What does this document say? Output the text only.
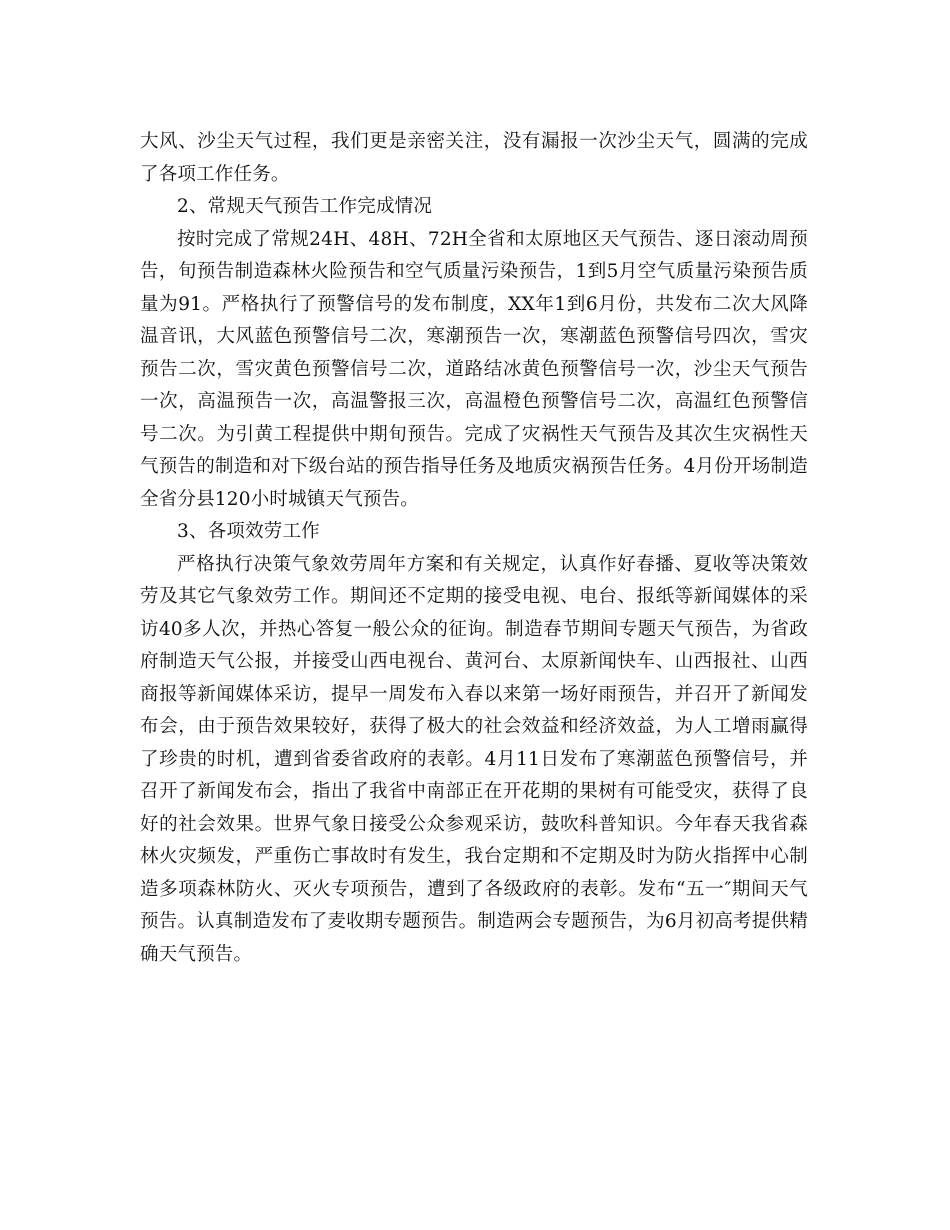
大风、沙尘天气过程，我们更是亲密关注，没有漏报一次沙尘天气，圆满的完成了各项工作任务。

2、常规天气预告工作完成情况

按时完成了常规24H、48H、72H全省和太原地区天气预告、逐日滚动周预告，旬预告制造森林火险预告和空气质量污染预告，1到5月空气质量污染预告质量为91。严格执行了预警信号的发布制度，XX年1到6月份，共发布二次大风降温音讯，大风蓝色预警信号二次，寒潮预告一次，寒潮蓝色预警信号四次，雪灾预告二次，雪灾黄色预警信号二次，道路结冰黄色预警信号一次，沙尘天气预告一次，高温预告一次，高温警报三次，高温橙色预警信号二次，高温红色预警信号二次。为引黄工程提供中期旬预告。完成了灾祸性天气预告及其次生灾祸性天气预告的制造和对下级台站的预告指导任务及地质灾祸预告任务。4月份开场制造全省分县120小时城镇天气预告。

3、各项效劳工作

严格执行决策气象效劳周年方案和有关规定，认真作好春播、夏收等决策效劳及其它气象效劳工作。期间还不定期的接受电视、电台、报纸等新闻媒体的采访40多人次，并热心答复一般公众的征询。制造春节期间专题天气预告，为省政府制造天气公报，并接受山西电视台、黄河台、太原新闻快车、山西报社、山西商报等新闻媒体采访，提早一周发布入春以来第一场好雨预告，并召开了新闻发布会，由于预告效果较好，获得了极大的社会效益和经济效益，为人工增雨赢得了珍贵的时机，遭到省委省政府的表彰。4月11日发布了寒潮蓝色预警信号，并召开了新闻发布会，指出了我省中南部正在开花期的果树有可能受灾，获得了良好的社会效果。世界气象日接受公众参观采访，鼓吹科普知识。今年春天我省森林火灾频发，严重伤亡事故时有发生，我台定期和不定期及时为防火指挥中心制造多项森林防火、灭火专项预告，遭到了各级政府的表彰。发布“五一″期间天气预告。认真制造发布了麦收期专题预告。制造两会专题预告，为6月初高考提供精确天气预告。
